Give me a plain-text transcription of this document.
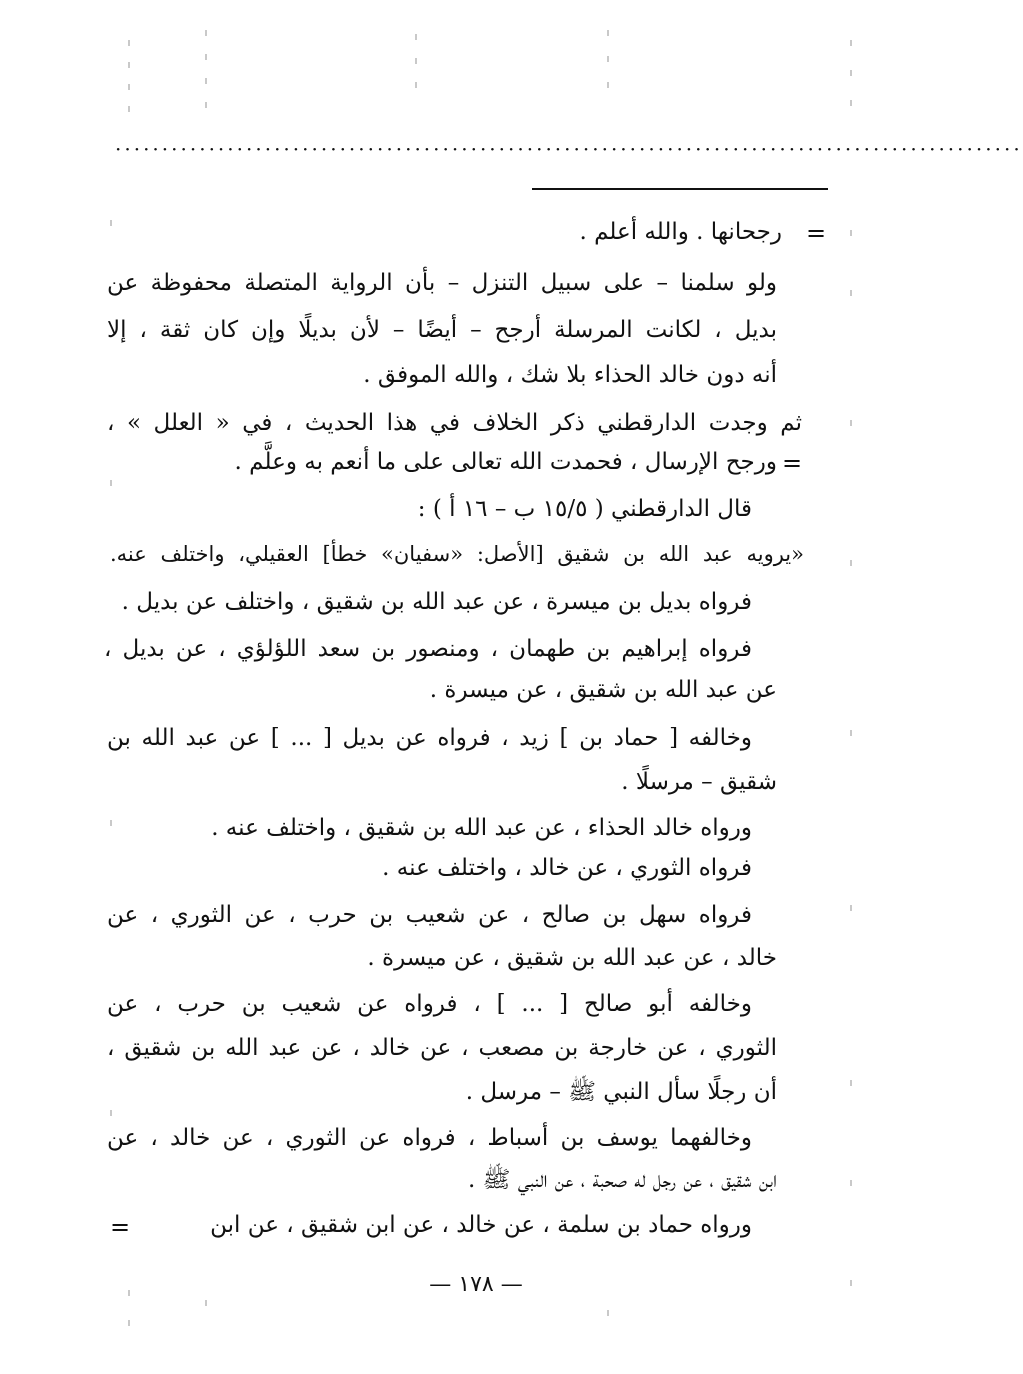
·································································································
=
=
=
رجحانها . والله أعلم .
ولو سلمنا – على سبيل التنزل – بأن الرواية المتصلة محفوظة عن
بديل ، لكانت المرسلة أرجح – أيضًا – لأن بديلًا وإن كان ثقة ، إلا
أنه دون خالد الحذاء بلا شك ، والله الموفق .
ثم وجدت الدارقطني ذكر الخلاف في هذا الحديث ، في « العلل » ،
ورجح الإرسال ، فحمدت الله تعالى على ما أنعم به وعلَّم .
قال الدارقطني ( ١٥/٥ ب – ١٦ أ ) :
«يرويه عبد الله بن شقيق [الأصل: «سفيان» خطأ] العقيلي، واختلف عنه.
فرواه بديل بن ميسرة ، عن عبد الله بن شقيق ، واختلف عن بديل .
فرواه إبراهيم بن طهمان ، ومنصور بن سعد اللؤلؤي ، عن بديل ،
عن عبد الله بن شقيق ، عن ميسرة .
وخالفه [ حماد بن ] زيد ، فرواه عن بديل [ ... ] عن عبد الله بن
شقيق – مرسلًا .
ورواه خالد الحذاء ، عن عبد الله بن شقيق ، واختلف عنه .
فرواه الثوري ، عن خالد ، واختلف عنه .
فرواه سهل بن صالح ، عن شعيب بن حرب ، عن الثوري ، عن
خالد ، عن عبد الله بن شقيق ، عن ميسرة .
وخالفه أبو صالح [ ... ] ، فرواه عن شعيب بن حرب ، عن
الثوري ، عن خارجة بن مصعب ، عن خالد ، عن عبد الله بن شقيق ،
أن رجلًا سأل النبي ﷺ – مرسل .
وخالفهما يوسف بن أسباط ، فرواه عن الثوري ، عن خالد ، عن
ابن شقيق ، عن رجل له صحبة ، عن النبي ﷺ .
ورواه حماد بن سلمة ، عن خالد ، عن ابن شقيق ، عن ابن
— ١٧٨ —
